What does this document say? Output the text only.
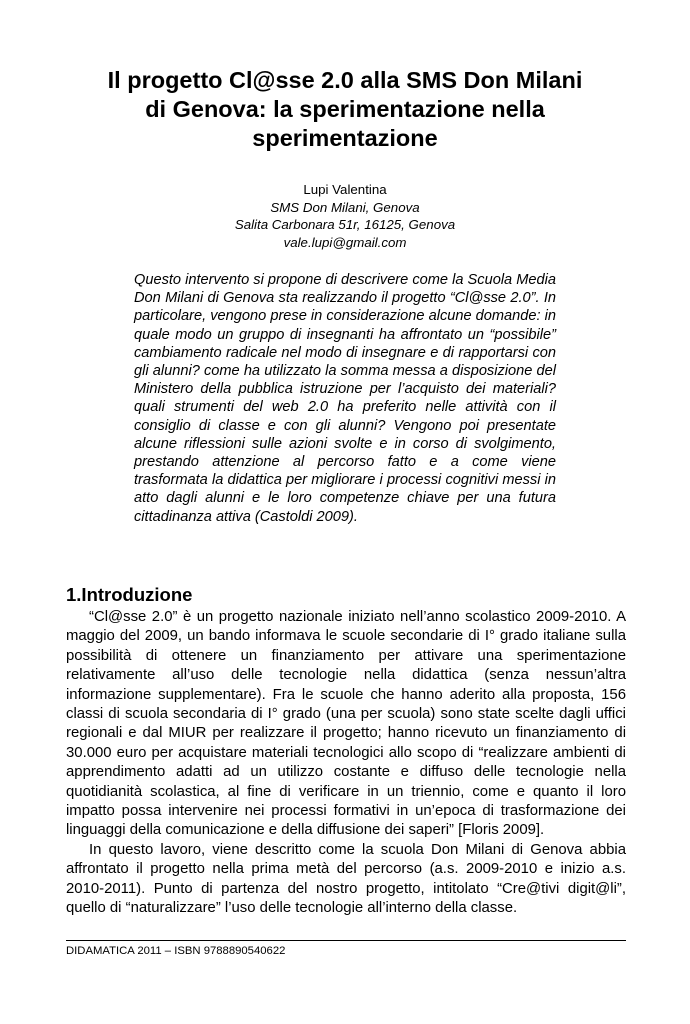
Il progetto Cl@sse 2.0 alla SMS Don Milani
di Genova: la sperimentazione nella
sperimentazione
Lupi Valentina
SMS Don Milani, Genova
Salita Carbonara 51r, 16125, Genova
vale.lupi@gmail.com

Questo intervento si propone di descrivere come la Scuola Media Don Milani di Genova sta realizzando il progetto “Cl@sse 2.0”. In particolare, vengono prese in considerazione alcune domande: in quale modo un gruppo di insegnanti ha affrontato un “possibile” cambiamento radicale nel modo di insegnare e di rapportarsi con gli alunni? come ha utilizzato la somma messa a disposizione del Ministero della pubblica istruzione per l’acquisto dei materiali? quali strumenti del web 2.0 ha preferito nelle attività con il consiglio di classe e con gli alunni? Vengono poi presentate alcune riflessioni sulle azioni svolte e in corso di svolgimento, prestando attenzione al percorso fatto e a come viene trasformata la didattica per migliorare i processi cognitivi messi in atto dagli alunni e le loro competenze chiave per una futura cittadinanza attiva (Castoldi 2009).

1.Introduzione

“Cl@sse 2.0” è un progetto nazionale iniziato nell’anno scolastico 2009-2010. A maggio del 2009, un bando informava le scuole secondarie di I° grado italiane sulla possibilità di ottenere un finanziamento per attivare una sperimentazione relativamente all’uso delle tecnologie nella didattica (senza nessun’altra informazione supplementare). Fra le scuole che hanno aderito alla proposta, 156 classi di scuola secondaria di I° grado (una per scuola) sono state scelte dagli uffici regionali e dal MIUR per realizzare il progetto; hanno ricevuto un finanziamento di 30.000 euro per acquistare materiali tecnologici allo scopo di “realizzare ambienti di apprendimento adatti ad un utilizzo costante e diffuso delle tecnologie nella quotidianità scolastica, al fine di verificare in un triennio, come e quanto il loro impatto possa intervenire nei processi formativi in un’epoca di trasformazione dei linguaggi della comunicazione e della diffusione dei saperi” [Floris 2009].

In questo lavoro, viene descritto come la scuola Don Milani di Genova abbia affrontato il progetto nella prima metà del percorso (a.s. 2009-2010 e inizio a.s. 2010-2011). Punto di partenza del nostro progetto, intitolato “Cre@tivi digit@li”, quello di “naturalizzare” l’uso delle tecnologie all’interno della classe.

DIDAMATICA 2011 – ISBN 9788890540622
